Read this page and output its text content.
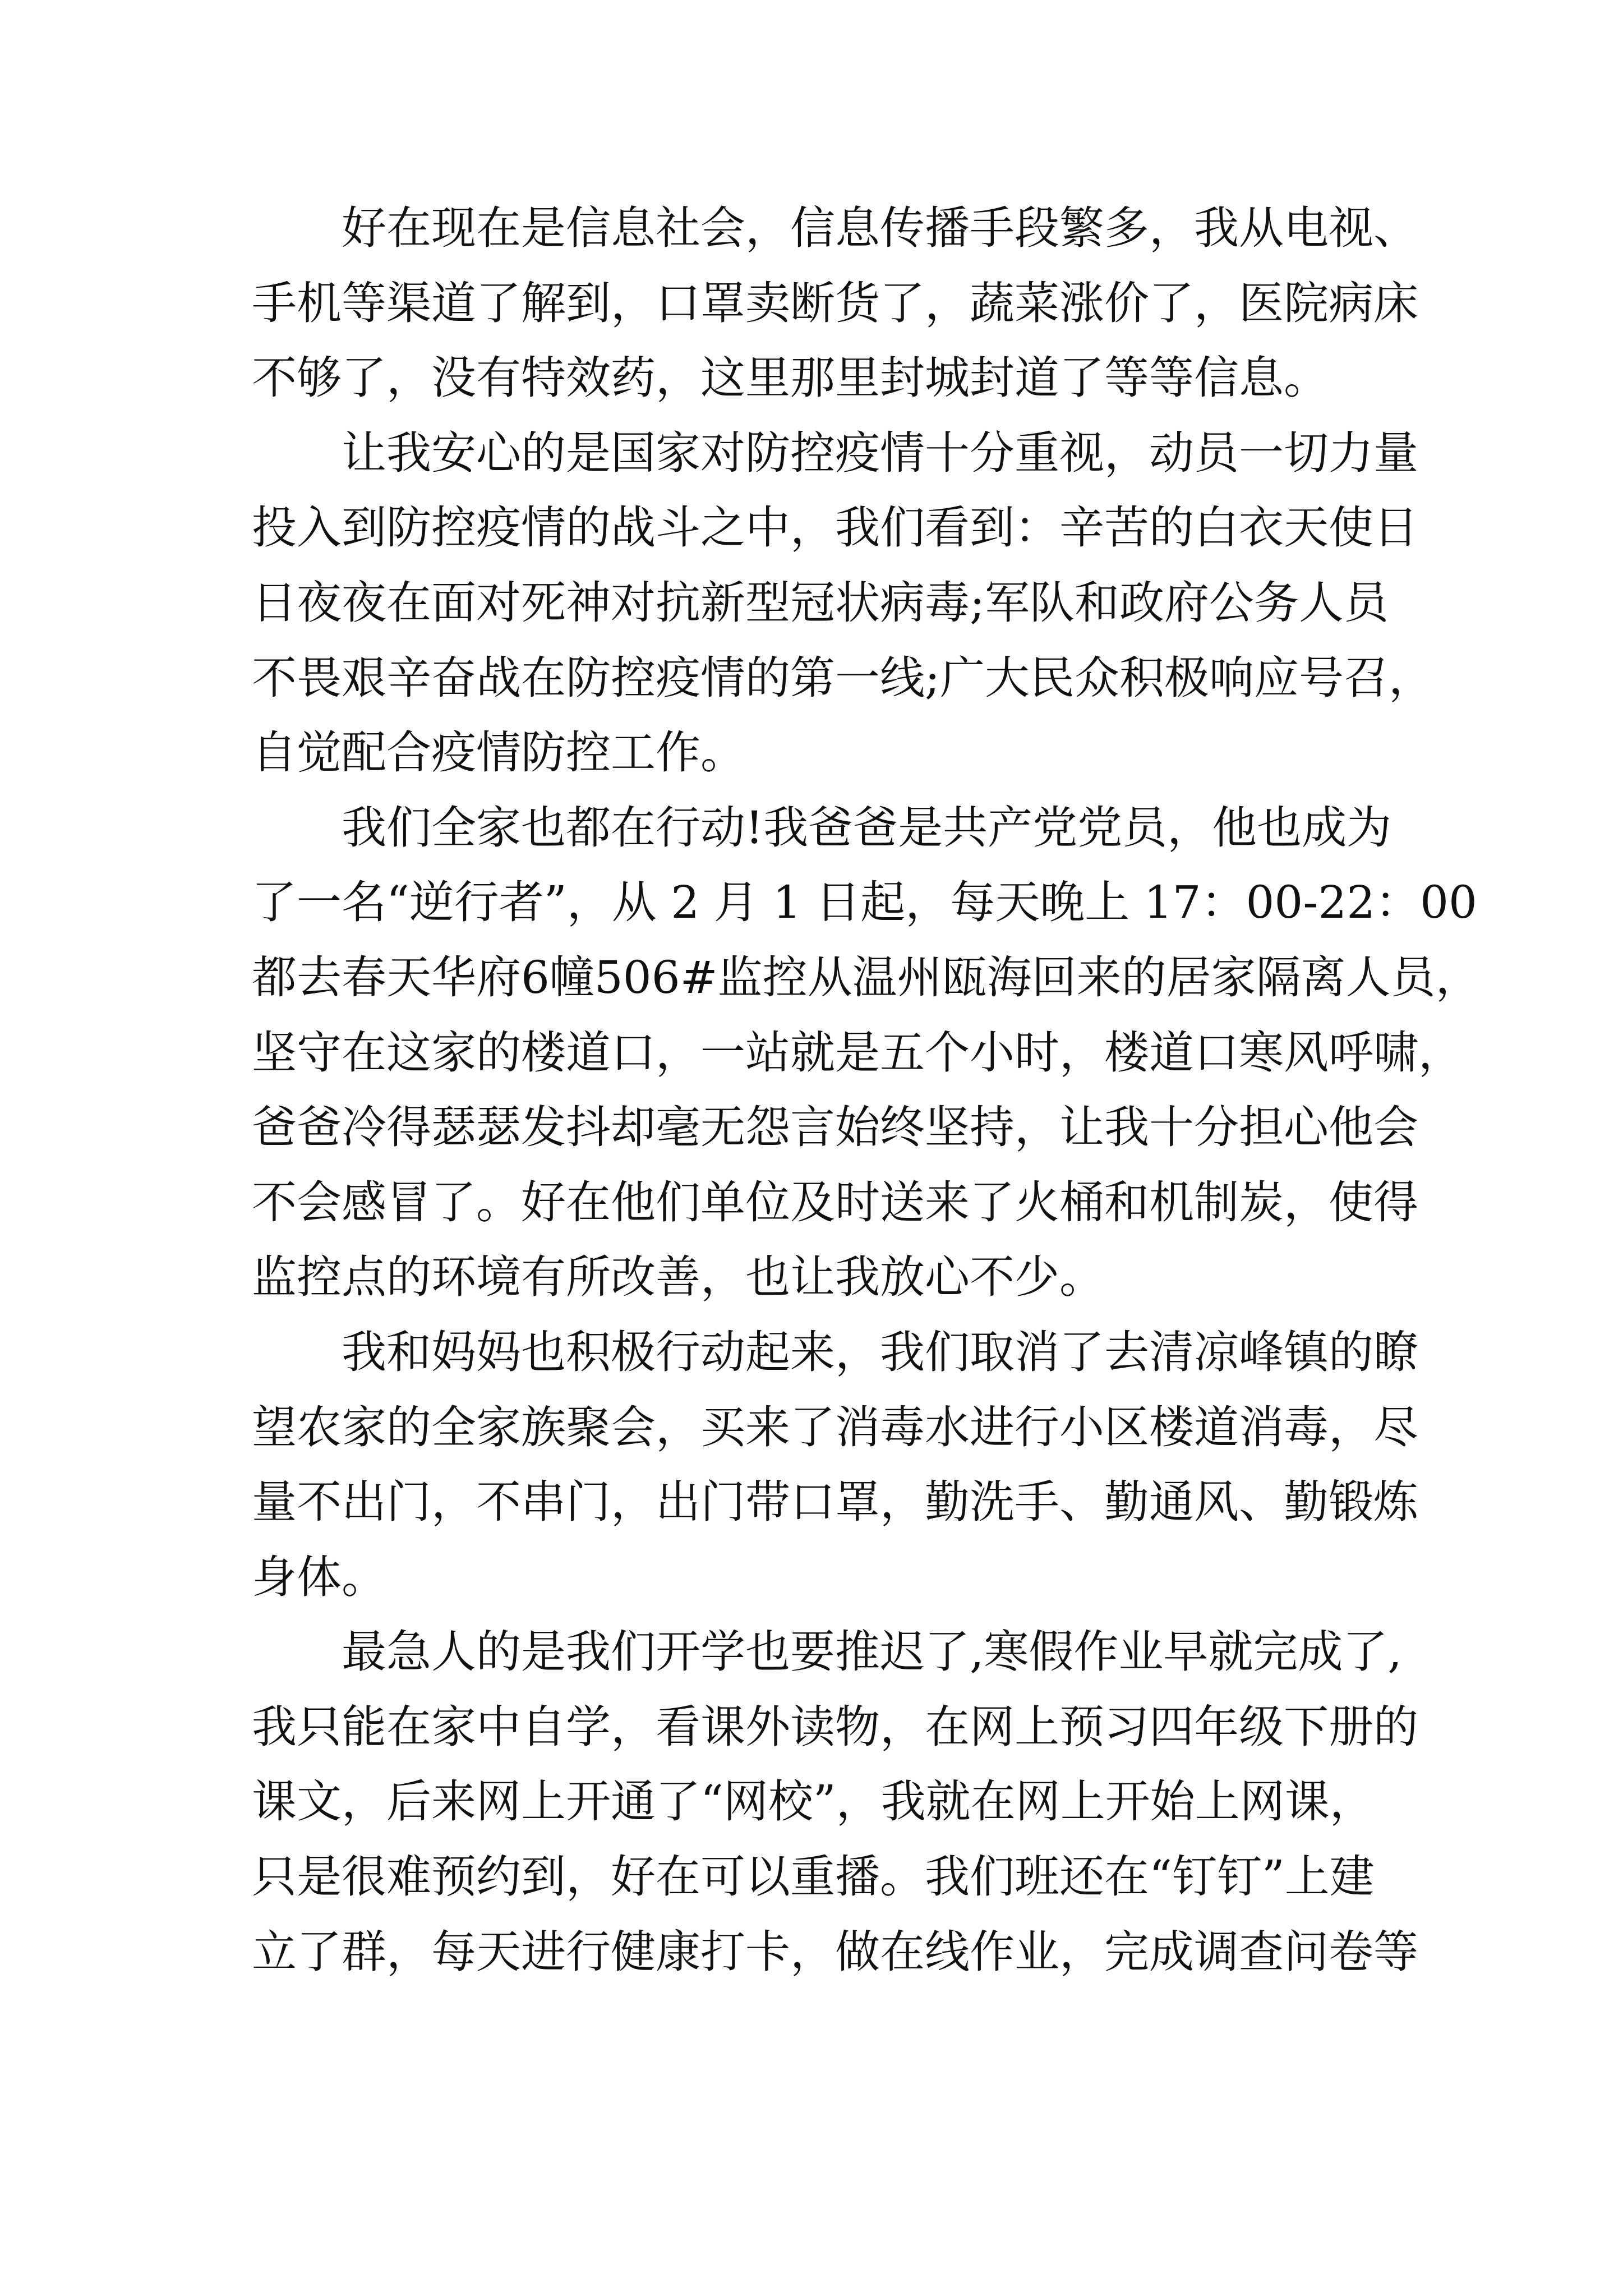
好在现在是信息社会，信息传播手段繁多，我从电视、
手机等渠道了解到，口罩卖断货了，蔬菜涨价了，医院病床
不够了，没有特效药，这里那里封城封道了等等信息。
让我安心的是国家对防控疫情十分重视，动员一切力量
投入到防控疫情的战斗之中，我们看到：辛苦的白衣天使日
日夜夜在面对死神对抗新型冠状病毒;军队和政府公务人员
不畏艰辛奋战在防控疫情的第一线;广大民众积极响应号召，
自觉配合疫情防控工作。
我们全家也都在行动!我爸爸是共产党党员，他也成为
了一名“逆行者”，从 2 月 1 日起，每天晚上 17：00-22：00
都去春天华府6幢506#监控从温州瓯海回来的居家隔离人员，
坚守在这家的楼道口，一站就是五个小时，楼道口寒风呼啸，
爸爸冷得瑟瑟发抖却毫无怨言始终坚持，让我十分担心他会
不会感冒了。好在他们单位及时送来了火桶和机制炭，使得
监控点的环境有所改善，也让我放心不少。
我和妈妈也积极行动起来，我们取消了去清凉峰镇的瞭
望农家的全家族聚会，买来了消毒水进行小区楼道消毒，尽
量不出门，不串门，出门带口罩，勤洗手、勤通风、勤锻炼
身体。
最急人的是我们开学也要推迟了,寒假作业早就完成了,
我只能在家中自学，看课外读物，在网上预习四年级下册的
课文，后来网上开通了“网校”，我就在网上开始上网课，
只是很难预约到，好在可以重播。我们班还在“钉钉”上建
立了群，每天进行健康打卡，做在线作业，完成调查问卷等
